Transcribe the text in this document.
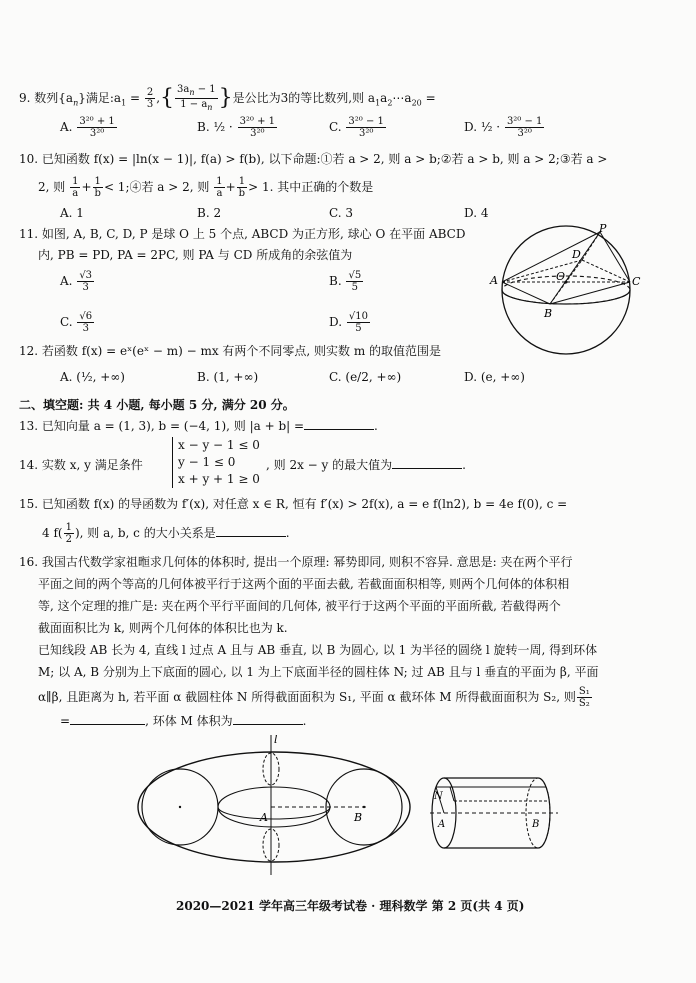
9. 数列$\{a_n\}$满足$:a_1 = \frac{2}{3}$ ,{ $\frac{3a_n - 1}{1 - a_n}$ }是公比为3的等比数列,则 $a_1a_2\cdots a_{20}$ =
A. $\frac{\text{3²⁰ + 1}}{\text{3²⁰}}$	B. ½ · $\frac{\text{3²⁰ + 1}}{\text{3²⁰}}$	C. $\frac{\text{3²⁰ − 1}}{\text{3²⁰}}$	D. ½ · $\frac{\text{3²⁰ − 1}}{\text{3²⁰}}$
10. 已知函数 f(x) = |ln(x − 1)|, f(a) > f(b), 以下命题:①若 a > 2, 则 a > b;②若 a > b, 则 a > 2;③若 a >
2, 则 $\frac{1}{a} + \frac{1}{b}$ < 1;④若 a > 2, 则 $\frac{1}{a} + \frac{1}{b} > 1$. 其中正确的个数是
A. 1	B. 2	C. 3	D. 4
11. 如图, A, B, C, D, P 是球 O 上 5 个点, ABCD 为正方形, 球心 O 在平面 ABCD
内, PB = PD, PA = 2PC, 则 PA 与 CD 所成角的余弦值为
A. $\frac{√3}{3}$	B. $\frac{√5}{5}$
C. $\frac{√6}{3}$	D. $\frac{√10}{5}$
P
D
O
A
B
C
12. 若函数 f(x) = eˣ(eˣ − m) − mx 有两个不同零点, 则实数 m 的取值范围是
A. (½, +∞)	B. (1, +∞)	C. (e/2, +∞)	D. (e, +∞)
二、填空题: 共 4 小题, 每小题 5 分, 满分 20 分。
13. 已知向量 a = (1, 3), b = (−4, 1), 则 |a + b| =	.
14. 实数 x, y 满足条件
x − y − 1 ≤ 0
y − 1 ≤ 0
x + y + 1 ≥ 0
, 则 2x − y 的最大值为	.
15. 已知函数 f(x) 的导函数为 f′(x), 对任意 x ∈ R, 恒有 f′(x) > 2f(x), a = e f(ln2), b = 4e f(0), c =
4 $f( \frac{1}{2}$ ), 则 a, b, c 的大小关系是	.
16. 我国古代数学家祖暅求几何体的体积时, 提出一个原理: 幂势即同, 则积不容异. 意思是: 夹在两个平行
平面之间的两个等高的几何体被平行于这两个面的平面去截, 若截面面积相等, 则两个几何体的体积相
等, 这个定理的推广是: 夹在两个平行平面间的几何体, 被平行于这两个平面的平面所截, 若截得两个
截面面积比为 k, 则两个几何体的体积比也为 k.
已知线段 AB 长为 4, 直线 l 过点 A 且与 AB 垂直, 以 B 为圆心, 以 1 为半径的圆绕 l 旋转一周, 得到环体
M; 以 A, B 分别为上下底面的圆心, 以 1 为上下底面半径的圆柱体 N; 过 AB 且与 l 垂直的平面为 β, 平面
α∥β, 且距离为 h, 若平面 α 截圆柱体 N 所得截面面积为 S₁, 平面 α 截环体 M 所得截面面积为 S₂, 则 $\frac{\text{S₁}}{\text{S₂}}$
=	, 环体 M 体积为	.
l
A	B
N
A	B
2020—2021 学年高三年级考试卷 · 理科数学 第 2 页(共 4 页)
